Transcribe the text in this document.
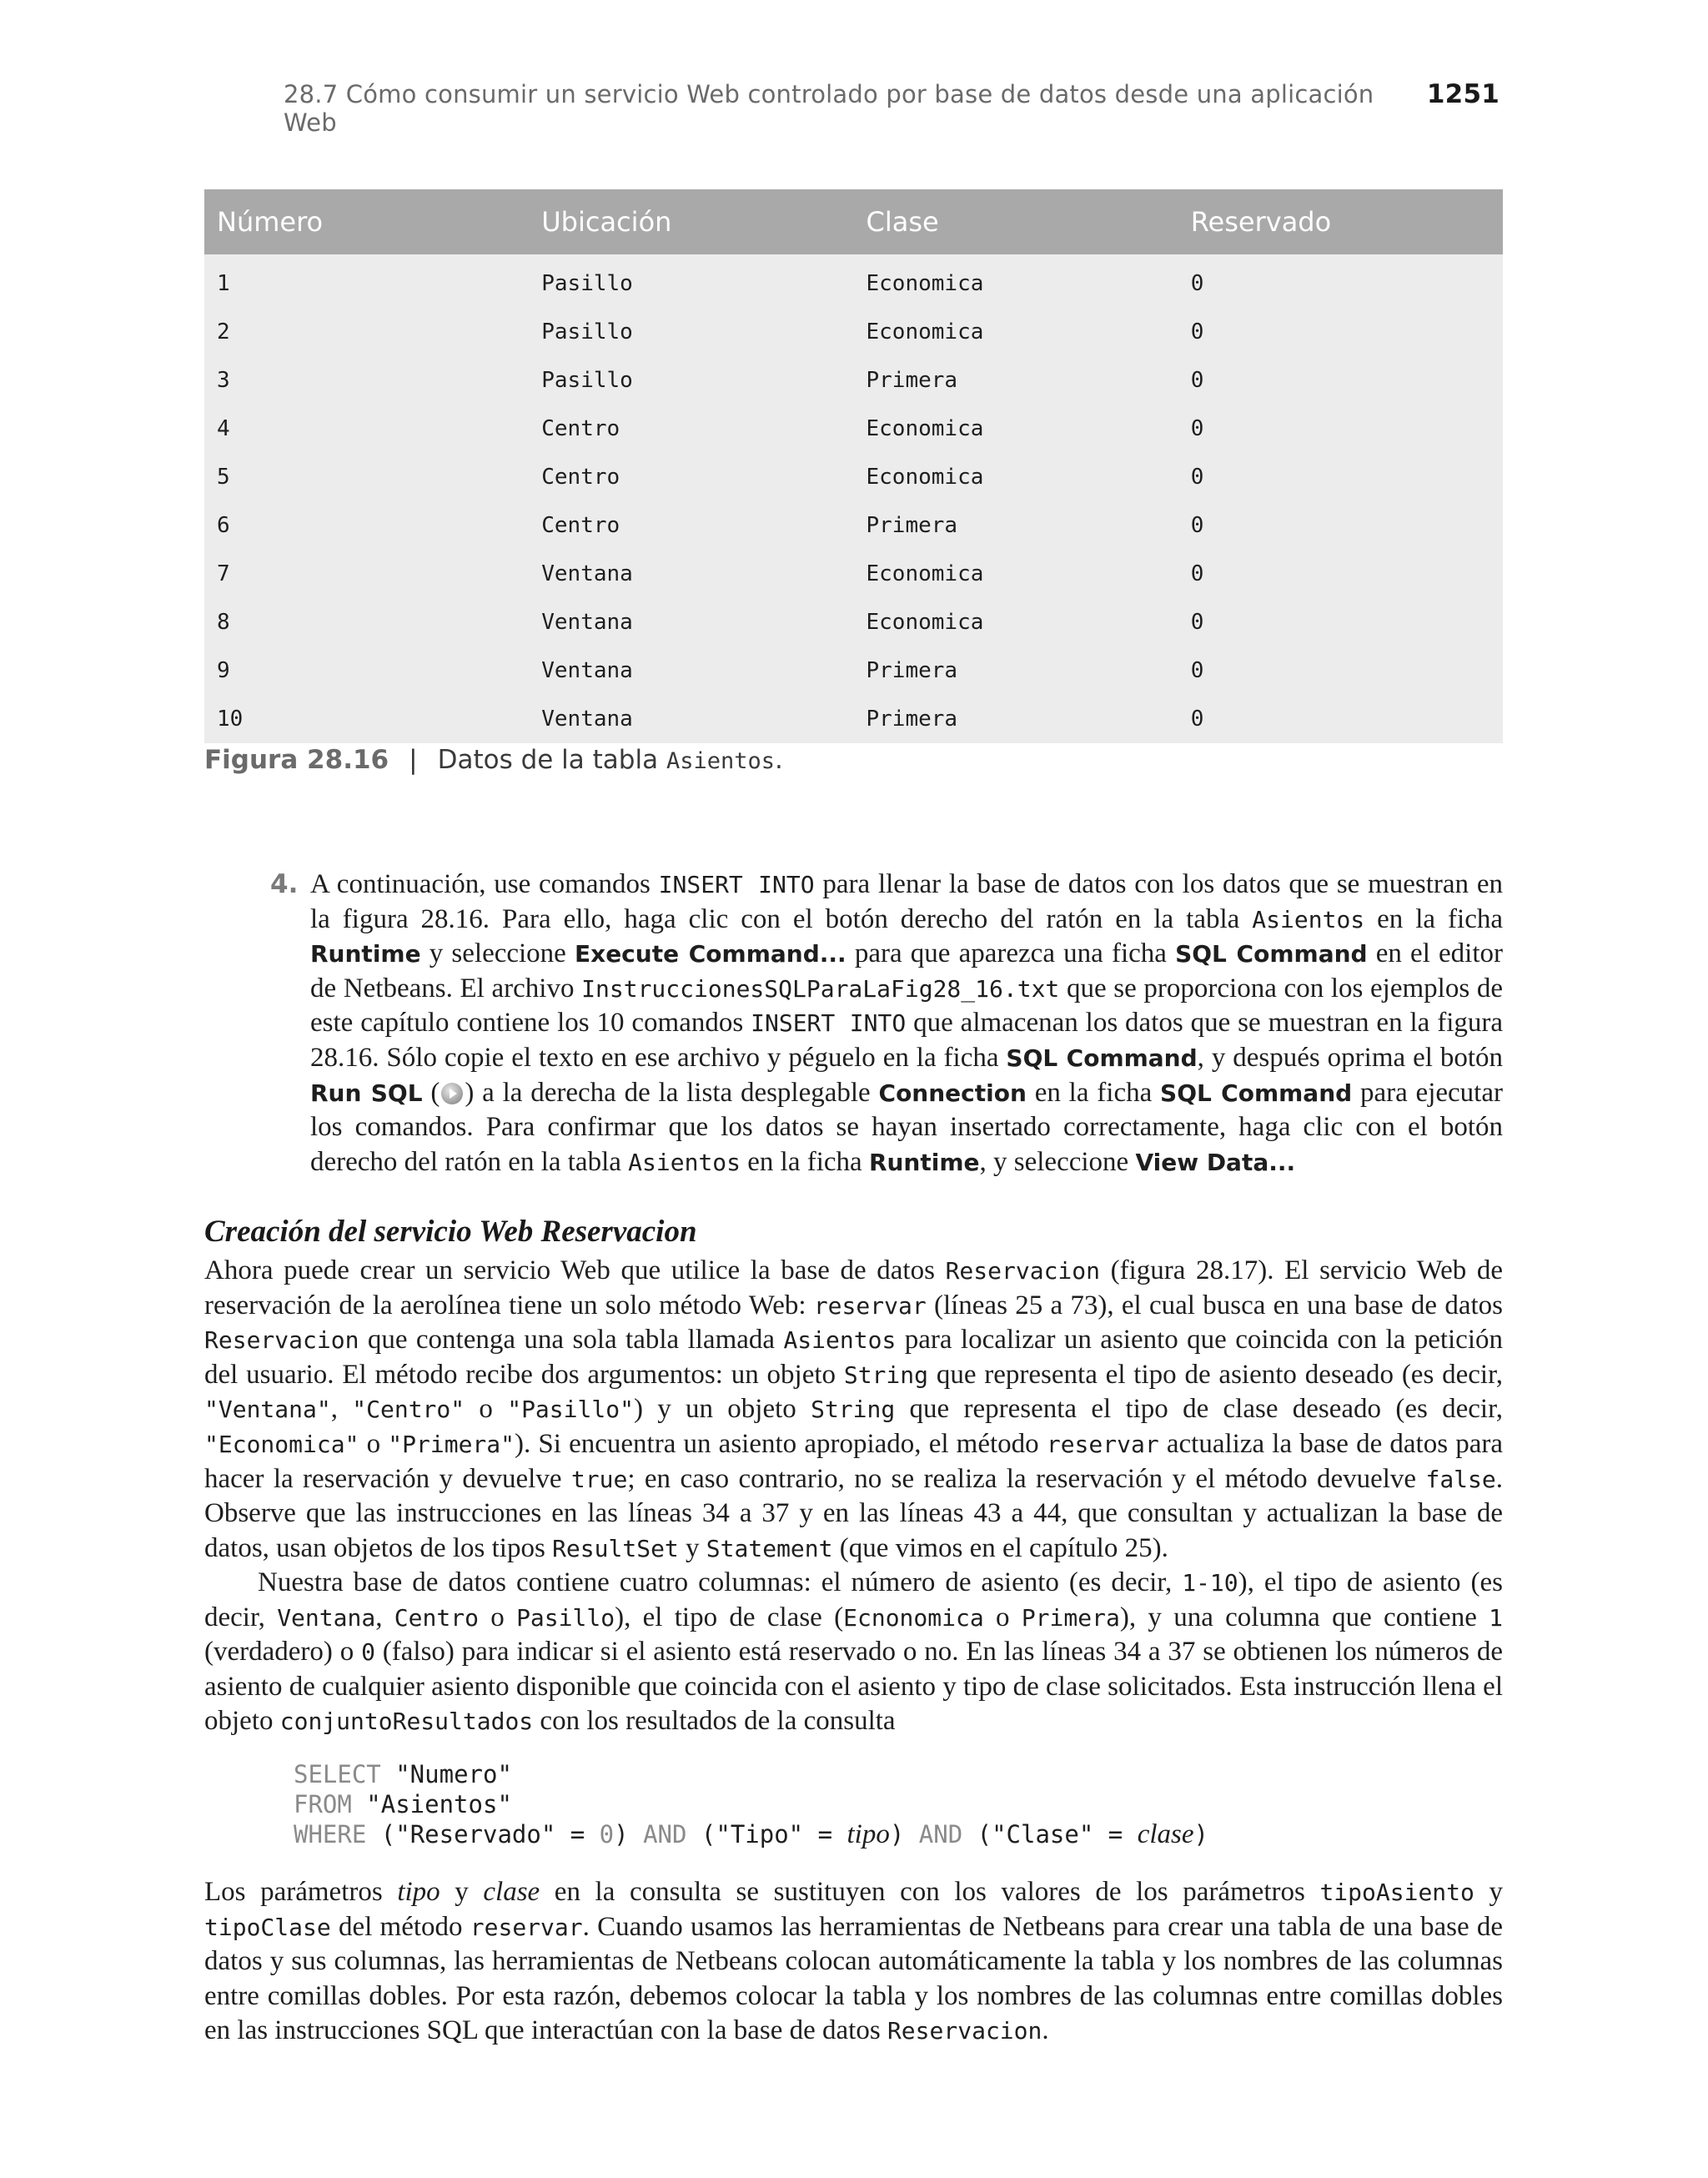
28.7 Cómo consumir un servicio Web controlado por base de datos desde una aplicación Web
1251
Número	Ubicación	Clase	Reservado
1	Pasillo	Economica	0
2	Pasillo	Economica	0
3	Pasillo	Primera	0
4	Centro	Economica	0
5	Centro	Economica	0
6	Centro	Primera	0
7	Ventana	Economica	0
8	Ventana	Economica	0
9	Ventana	Primera	0
10	Ventana	Primera	0
Figura 28.16 | Datos de la tabla Asientos.

4. A continuación, use comandos INSERT INTO para llenar la base de datos con los datos que se muestran en la figura 28.16. Para ello, haga clic con el botón derecho del ratón en la tabla Asientos en la ficha Runtime y seleccione Execute Command... para que aparezca una ficha SQL Command en el editor de Netbeans. El archivo InstruccionesSQLParaLaFig28_16.txt que se proporciona con los ejemplos de este capítulo contiene los 10 comandos INSERT INTO que almacenan los datos que se muestran en la figura 28.16. Sólo copie el texto en ese archivo y péguelo en la ficha SQL Command, y después oprima el botón Run SQL ( ) a la derecha de la lista desplegable Connection en la ficha SQL Command para ejecutar los comandos. Para confirmar que los datos se hayan insertado correctamente, haga clic con el botón derecho del ratón en la tabla Asientos en la ficha Runtime, y seleccione View Data...

Creación del servicio Web Reservacion

Ahora puede crear un servicio Web que utilice la base de datos Reservacion (figura 28.17). El servicio Web de reservación de la aerolínea tiene un solo método Web: reservar (líneas 25 a 73), el cual busca en una base de datos Reservacion que contenga una sola tabla llamada Asientos para localizar un asiento que coincida con la petición del usuario. El método recibe dos argumentos: un objeto String que representa el tipo de asiento deseado (es decir, "Ventana", "Centro" o "Pasillo") y un objeto String que representa el tipo de clase deseado (es decir, "Economica" o "Primera"). Si encuentra un asiento apropiado, el método reservar actualiza la base de datos para hacer la reservación y devuelve true; en caso contrario, no se realiza la reservación y el método devuelve false. Observe que las instrucciones en las líneas 34 a 37 y en las líneas 43 a 44, que consultan y actualizan la base de datos, usan objetos de los tipos ResultSet y Statement (que vimos en el capítulo 25).

Nuestra base de datos contiene cuatro columnas: el número de asiento (es decir, 1-10), el tipo de asiento (es decir, Ventana, Centro o Pasillo), el tipo de clase (Ecnonomica o Primera), y una columna que contiene 1 (verdadero) o 0 (falso) para indicar si el asiento está reservado o no. En las líneas 34 a 37 se obtienen los números de asiento de cualquier asiento disponible que coincida con el asiento y tipo de clase solicitados. Esta instrucción llena el objeto conjuntoResultados con los resultados de la consulta

SELECT "Numero"
FROM "Asientos"
WHERE ("Reservado" = 0) AND ("Tipo" = tipo) AND ("Clase" = clase)

Los parámetros tipo y clase en la consulta se sustituyen con los valores de los parámetros tipoAsiento y tipoClase del método reservar. Cuando usamos las herramientas de Netbeans para crear una tabla de una base de datos y sus columnas, las herramientas de Netbeans colocan automáticamente la tabla y los nombres de las columnas entre comillas dobles. Por esta razón, debemos colocar la tabla y los nombres de las columnas entre comillas dobles en las instrucciones SQL que interactúan con la base de datos Reservacion.
